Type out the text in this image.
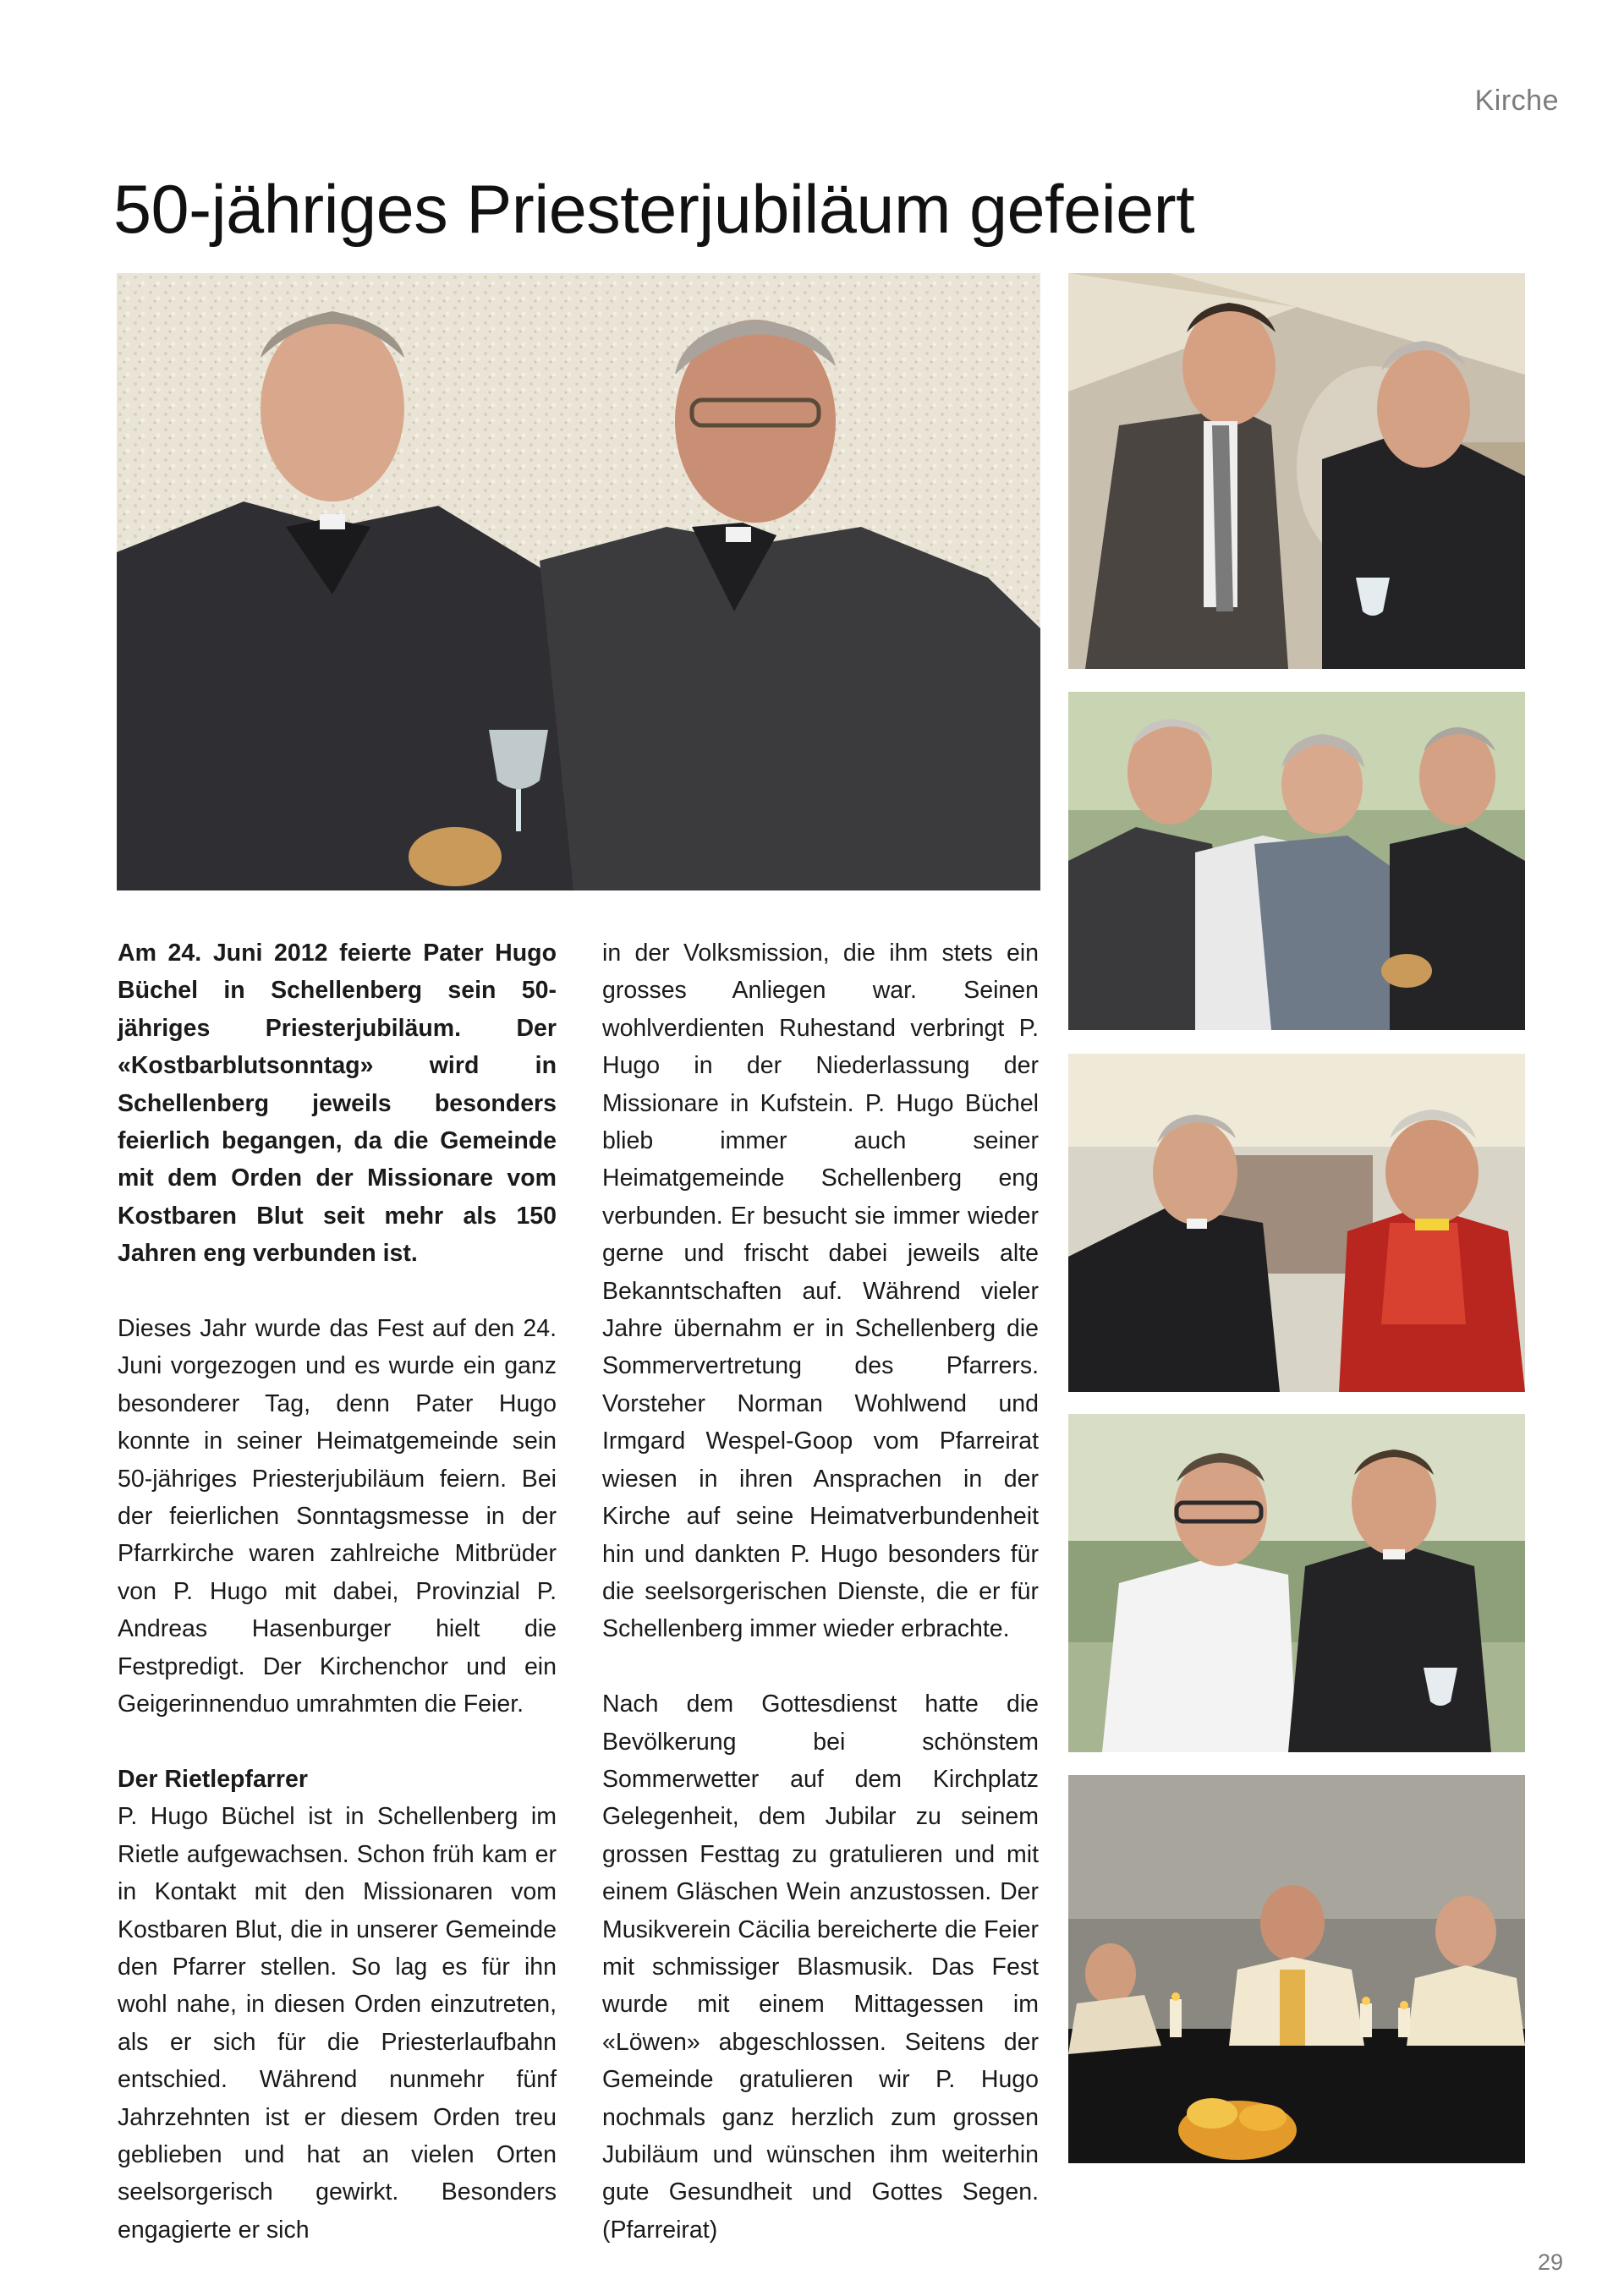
Kirche
50-jähriges Priesterjubiläum gefeiert

Am 24. Juni 2012 feierte Pater Hugo Büchel in Schellenberg sein 50-jähriges Priesterjubiläum. Der «Kostbarblutsonntag» wird in Schellenberg jeweils besonders feierlich begangen, da die Gemeinde mit dem Orden der Missionare vom Kostbaren Blut seit mehr als 150 Jahren eng verbunden ist.

Dieses Jahr wurde das Fest auf den 24. Juni vorgezogen und es wurde ein ganz besonderer Tag, denn Pater Hugo konnte in seiner Heimatgemeinde sein 50-jähriges Priesterjubiläum feiern. Bei der feierlichen Sonntagsmesse in der Pfarrkirche waren zahlreiche Mitbrüder von P. Hugo mit dabei, Provinzial P. Andreas Hasenburger hielt die Festpredigt. Der Kirchenchor und ein Geigerinnenduo umrahmten die Feier.

Der Rietlepfarrer
P. Hugo Büchel ist in Schellenberg im Rietle aufgewachsen. Schon früh kam er in Kontakt mit den Missionaren vom Kostbaren Blut, die in unserer Gemeinde den Pfarrer stellen. So lag es für ihn wohl nahe, in diesen Orden einzutreten, als er sich für die Priesterlaufbahn entschied. Während nunmehr fünf Jahrzehnten ist er diesem Orden treu geblieben und hat an vielen Orten seelsorgerisch gewirkt. Besonders engagierte er sich

in der Volksmission, die ihm stets ein grosses Anliegen war. Seinen wohlverdienten Ruhestand verbringt P. Hugo in der Niederlassung der Missionare in Kufstein. P. Hugo Büchel blieb immer auch seiner Heimatgemeinde Schellenberg eng verbunden. Er besucht sie immer wieder gerne und frischt dabei jeweils alte Bekanntschaften auf. Während vieler Jahre übernahm er in Schellenberg die Sommervertretung des Pfarrers. Vorsteher Norman Wohlwend und Irmgard Wespel-Goop vom Pfarreirat wiesen in ihren Ansprachen in der Kirche auf seine Heimatverbundenheit hin und dankten P. Hugo besonders für die seelsorgerischen Dienste, die er für Schellenberg immer wieder erbrachte.

Nach dem Gottesdienst hatte die Bevölkerung bei schönstem Sommerwetter auf dem Kirchplatz Gelegenheit, dem Jubilar zu seinem grossen Festtag zu gratulieren und mit einem Gläschen Wein anzustossen. Der Musikverein Cäcilia bereicherte die Feier mit schmissiger Blasmusik. Das Fest wurde mit einem Mittagessen im «Löwen» abgeschlossen. Seitens der Gemeinde gratulieren wir P. Hugo nochmals ganz herzlich zum grossen Jubiläum und wünschen ihm weiterhin gute Gesundheit und Gottes Segen. (Pfarreirat)

29
